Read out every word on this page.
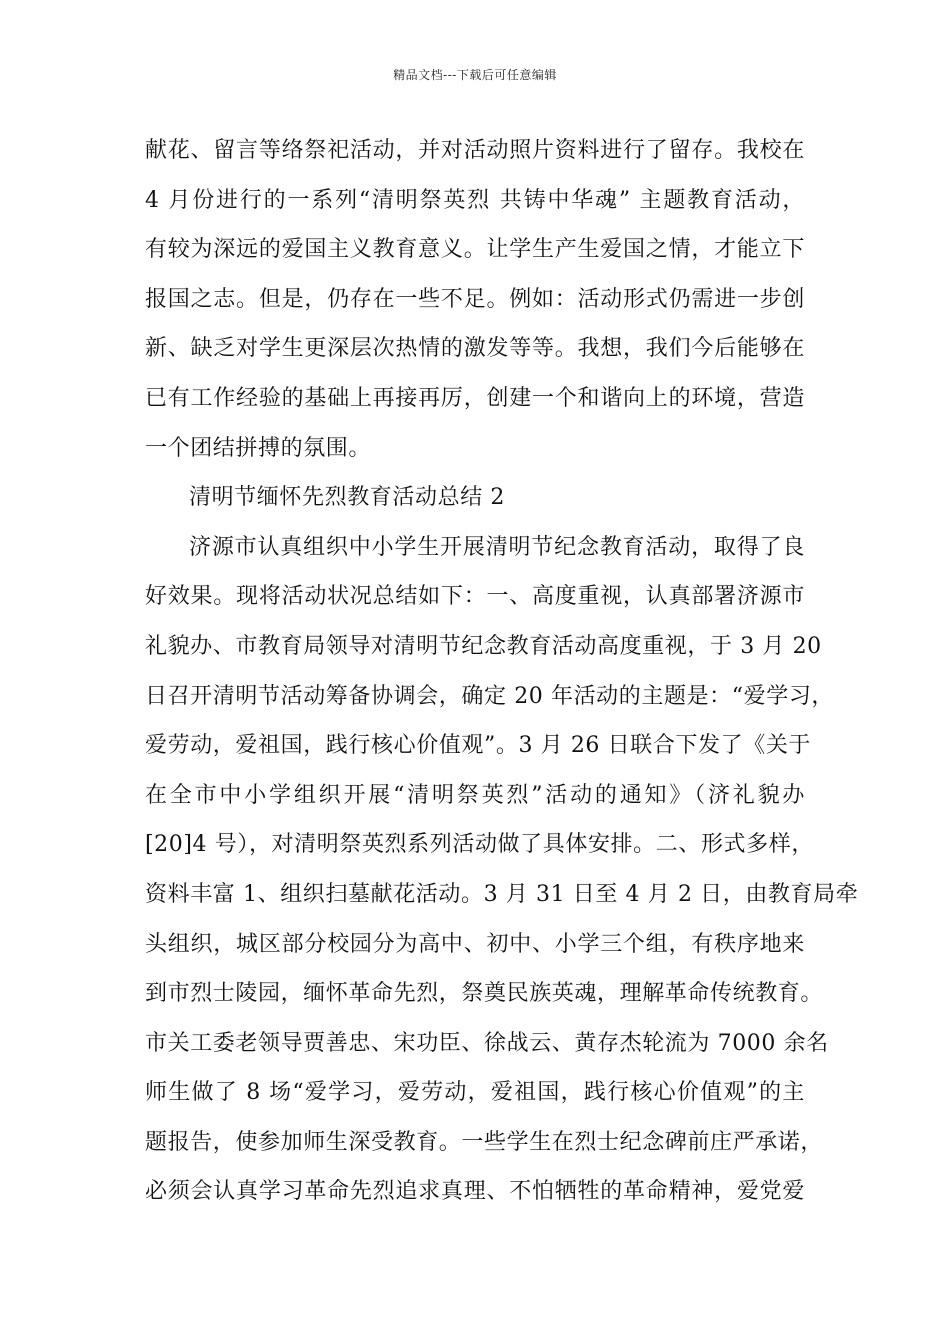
精品文档---下载后可任意编辑
献花、留言等络祭祀活动，并对活动照片资料进行了留存。我校在
4 月份进行的一系列“清明祭英烈 共铸中华魂” 主题教育活动，
有较为深远的爱国主义教育意义。让学生产生爱国之情，才能立下
报国之志。但是，仍存在一些不足。例如：活动形式仍需进一步创
新、缺乏对学生更深层次热情的激发等等。我想，我们今后能够在
已有工作经验的基础上再接再厉，创建一个和谐向上的环境，营造
一个团结拼搏的氛围。
清明节缅怀先烈教育活动总结 2
济源市认真组织中小学生开展清明节纪念教育活动，取得了良
好效果。现将活动状况总结如下：一、高度重视，认真部署济源市
礼貌办、市教育局领导对清明节纪念教育活动高度重视，于 3 月 20
日召开清明节活动筹备协调会，确定 20 年活动的主题是：“爱学习，
爱劳动，爱祖国，践行核心价值观”。3 月 26 日联合下发了《关于
在全市中小学组织开展“清明祭英烈”活动的通知》（济礼貌办
[20]4 号），对清明祭英烈系列活动做了具体安排。二、形式多样，
资料丰富 1、组织扫墓献花活动。3 月 31 日至 4 月 2 日，由教育局牵
头组织，城区部分校园分为高中、初中、小学三个组，有秩序地来
到市烈士陵园，缅怀革命先烈，祭奠民族英魂，理解革命传统教育。
市关工委老领导贾善忠、宋功臣、徐战云、黄存杰轮流为 7000 余名
师生做了 8 场“爱学习，爱劳动，爱祖国，践行核心价值观”的主
题报告，使参加师生深受教育。一些学生在烈士纪念碑前庄严承诺，
必须会认真学习革命先烈追求真理、不怕牺牲的革命精神，爱党爱
